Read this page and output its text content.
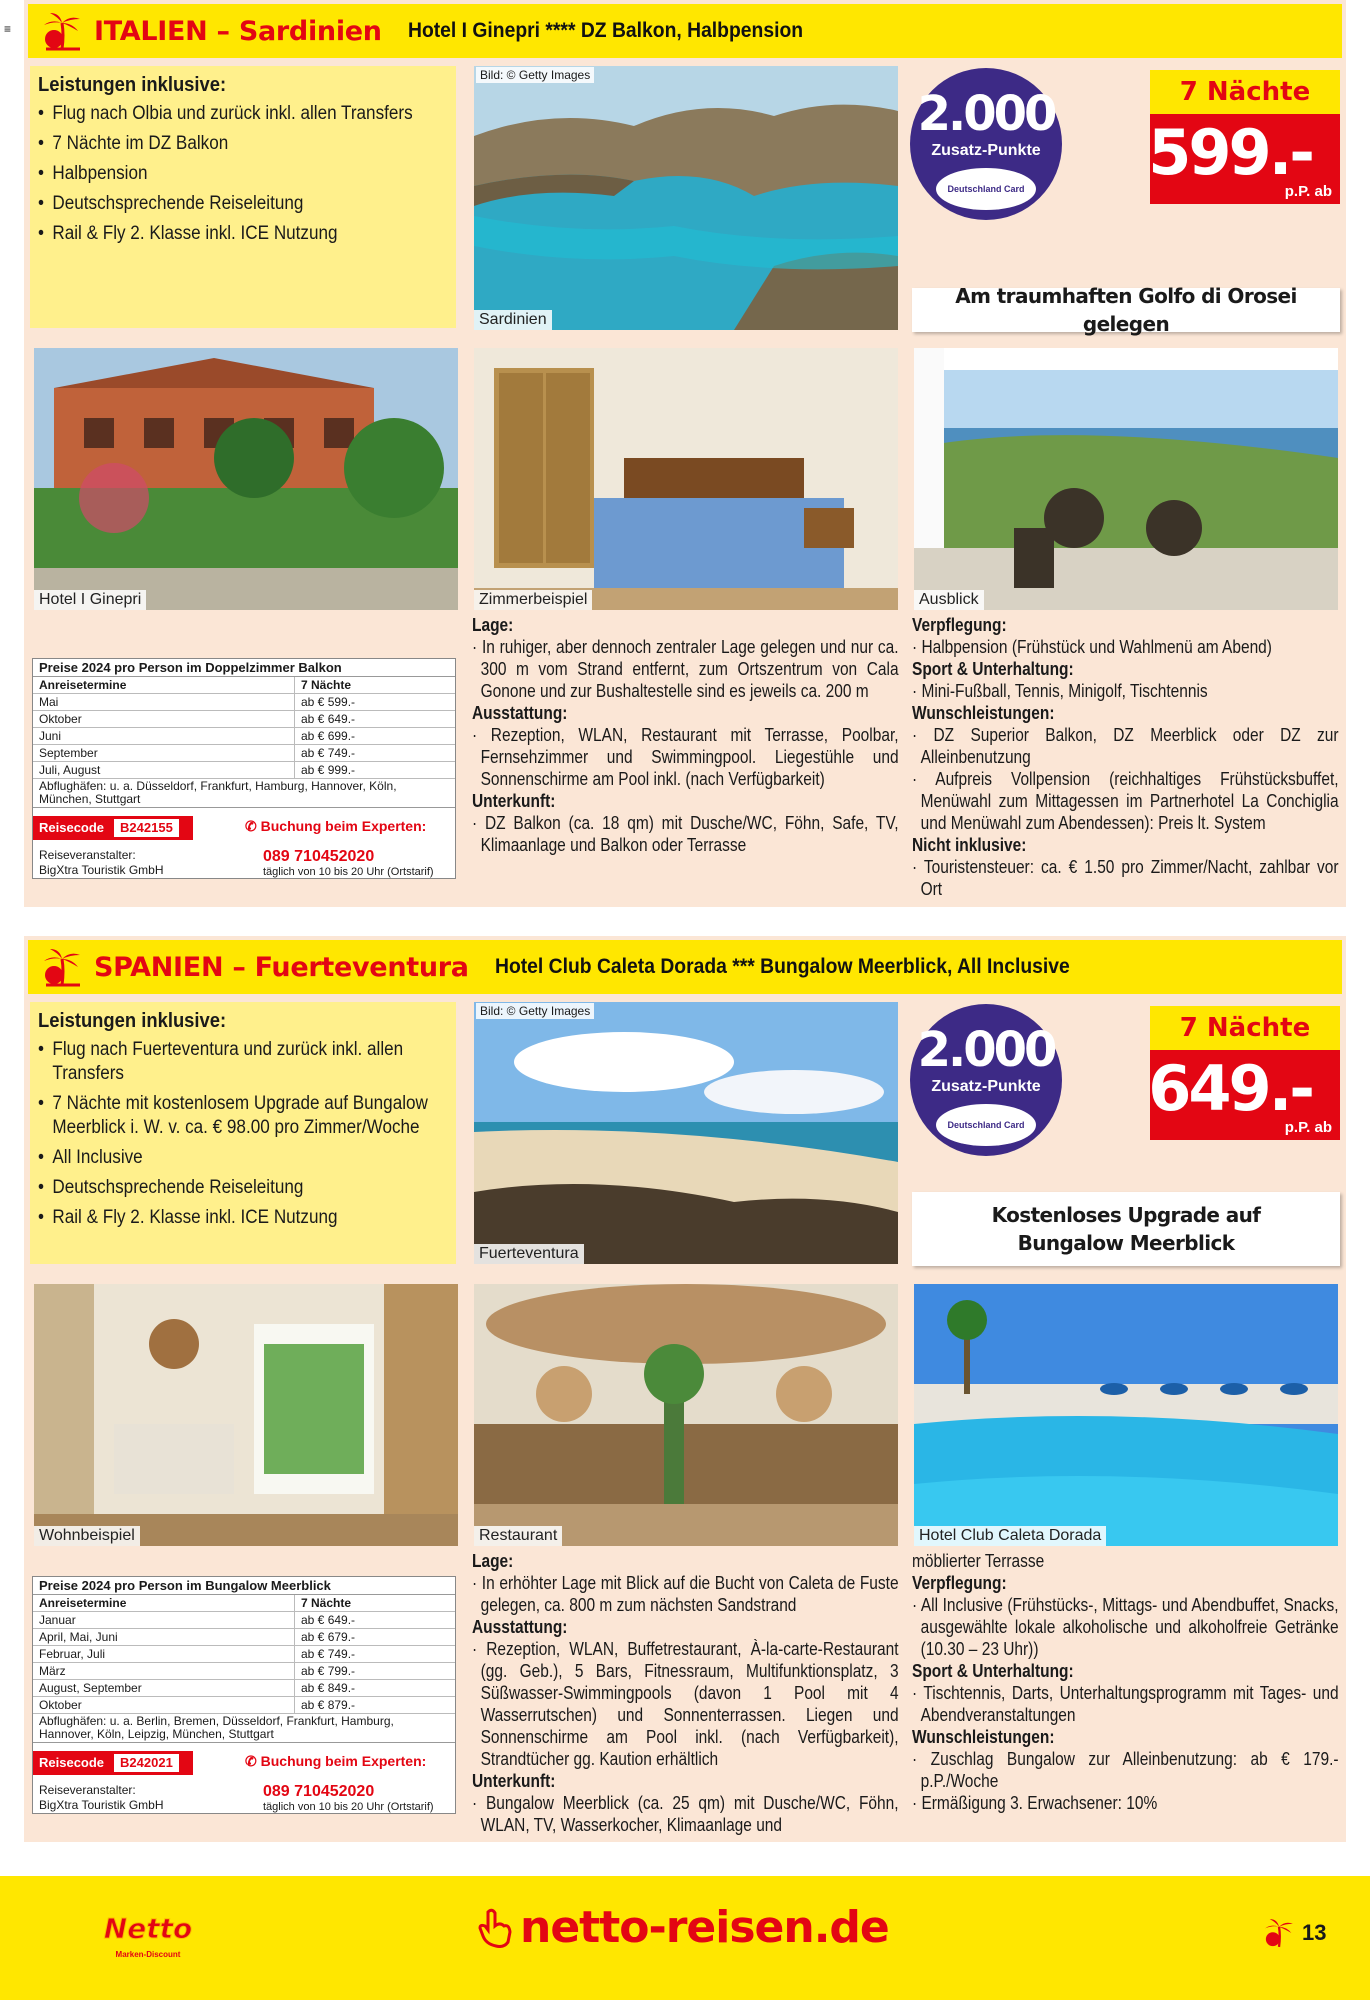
≡	ITALIEN – Sardinien Hotel I Ginepri **** DZ Balkon, Halbpension
Leistungen inklusive:
• Flug nach Olbia und zurück inkl. allen Transfers
• 7 Nächte im DZ Balkon
• Halbpension
• Deutschsprechende Reiseleitung
• Rail & Fly 2. Klasse inkl. ICE Nutzung
Bild: © Getty Images
Sardinien
2.000
Zusatz-Punkte
Deutschland Card
7 Nächte
599.-
p.P. ab
Am traumhaften Golfo di Orosei gelegen
Hotel I Ginepri	Zimmerbeispiel	Ausblick
Preise 2024 pro Person im Doppelzimmer Balkon
Anreisetermine	7 Nächte
Mai	ab € 599.-
Oktober	ab € 649.-
Juni	ab € 699.-
September	ab € 749.-
Juli, August	ab € 999.-
Abflughäfen: u. a. Düsseldorf, Frankfurt, Hamburg, Hannover, Köln, München, Stuttgart
Reisecode B242155	✆ Buchung beim Experten:
Reiseveranstalter:
BigXtra Touristik GmbH
089 710452020
täglich von 10 bis 20 Uhr (Ortstarif)
Lage:

· In ruhiger, aber dennoch zentraler Lage gelegen und nur ca. 300 m vom Strand entfernt, zum Ortszentrum von Cala Gonone und zur Bushaltestelle sind es jeweils ca. 200 m

Ausstattung:

· Rezeption, WLAN, Restaurant mit Terrasse, Poolbar, Fernsehzimmer und Swimmingpool. Liegestühle und Sonnenschirme am Pool inkl. (nach Verfügbarkeit)

Unterkunft:

· DZ Balkon (ca. 18 qm) mit Dusche/WC, Föhn, Safe, TV, Klimaanlage und Balkon oder Terrasse

Verpflegung:

· Halbpension (Frühstück und Wahlmenü am Abend)

Sport & Unterhaltung:

· Mini-Fußball, Tennis, Minigolf, Tischtennis

Wunschleistungen:

· DZ Superior Balkon, DZ Meerblick oder DZ zur Alleinbenutzung

· Aufpreis Vollpension (reichhaltiges Frühstücksbuffet, Menüwahl zum Mittagessen im Partnerhotel La Conchiglia und Menüwahl zum Abendessen): Preis lt. System

Nicht inklusive:

· Touristensteuer: ca. € 1.50 pro Zimmer/Nacht, zahlbar vor Ort

SPANIEN – Fuerteventura Hotel Club Caleta Dorada *** Bungalow Meerblick, All Inclusive
Leistungen inklusive:
• Flug nach Fuerteventura und zurück inkl. allen Transfers
• 7 Nächte mit kostenlosem Upgrade auf Bungalow Meerblick i. W. v. ca. € 98.00 pro Zimmer/Woche
• All Inclusive
• Deutschsprechende Reiseleitung
• Rail & Fly 2. Klasse inkl. ICE Nutzung
Bild: © Getty Images
Fuerteventura
2.000
Zusatz-Punkte
Deutschland Card
7 Nächte
649.-
p.P. ab
Kostenloses Upgrade auf Bungalow Meerblick
Wohnbeispiel	Restaurant	Hotel Club Caleta Dorada
Preise 2024 pro Person im Bungalow Meerblick
Anreisetermine	7 Nächte
Januar	ab € 649.-
April, Mai, Juni	ab € 679.-
Februar, Juli	ab € 749.-
März	ab € 799.-
August, September	ab € 849.-
Oktober	ab € 879.-
Abflughäfen: u. a. Berlin, Bremen, Düsseldorf, Frankfurt, Hamburg, Hannover, Köln, Leipzig, München, Stuttgart
Reisecode B242021	✆ Buchung beim Experten:
Reiseveranstalter:
BigXtra Touristik GmbH
089 710452020
täglich von 10 bis 20 Uhr (Ortstarif)
Lage:

· In erhöhter Lage mit Blick auf die Bucht von Caleta de Fuste gelegen, ca. 800 m zum nächsten Sandstrand

Ausstattung:

· Rezeption, WLAN, Buffetrestaurant, À-la-carte-Restaurant (gg. Geb.), 5 Bars, Fitnessraum, Multifunktionsplatz, 3 Süßwasser-Swimmingpools (davon 1 Pool mit 4 Wasserrutschen) und Sonnenterrassen. Liegen und Sonnenschirme am Pool inkl. (nach Verfügbarkeit), Strandtücher gg. Kaution erhältlich

Unterkunft:

· Bungalow Meerblick (ca. 25 qm) mit Dusche/WC, Föhn, WLAN, TV, Wasserkocher, Klimaanlage und

möblierter Terrasse

Verpflegung:

· All Inclusive (Frühstücks-, Mittags- und Abendbuffet, Snacks, ausgewählte lokale alkoholische und alkoholfreie Getränke (10.30 – 23 Uhr))

Sport & Unterhaltung:

· Tischtennis, Darts, Unterhaltungsprogramm mit Tages- und Abendveranstaltungen

Wunschleistungen:

· Zuschlag Bungalow zur Alleinbenutzung: ab € 179.- p.P./Woche

· Ermäßigung 3. Erwachsener: 10%

Netto
Marken-Discount
netto-reisen.de	13
